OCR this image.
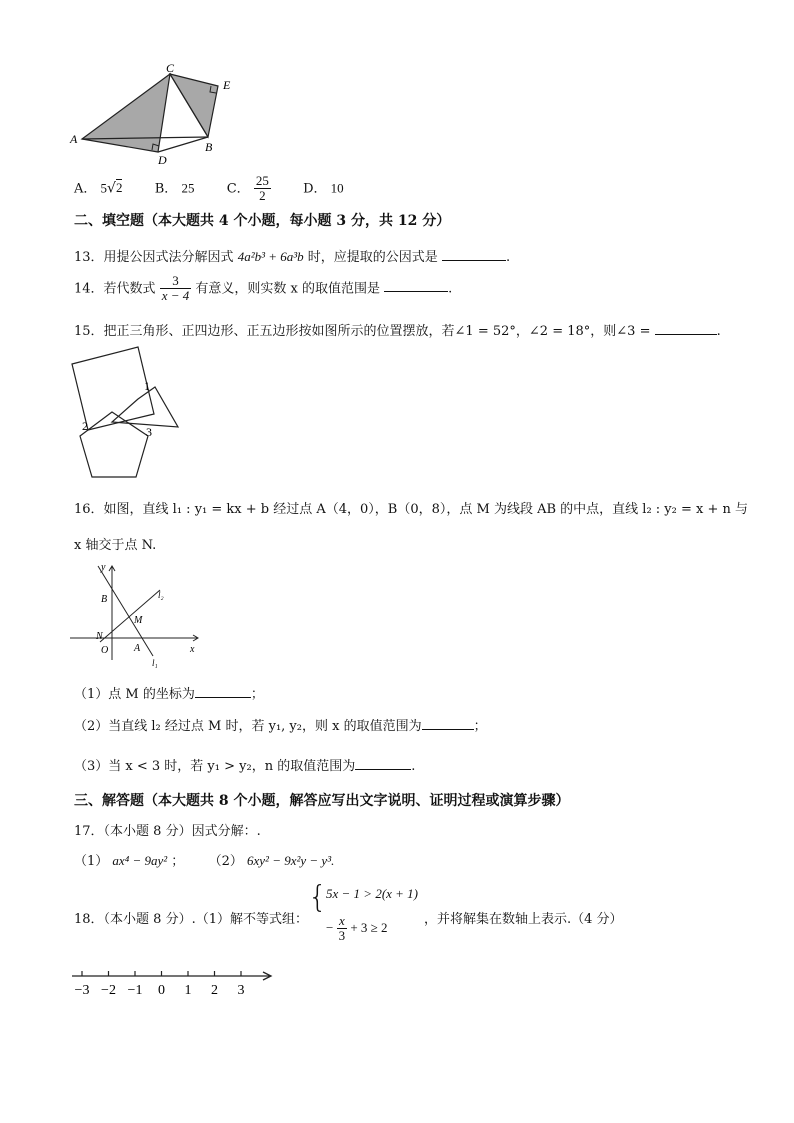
C
E
A
D
B
A． 5√2 B． 25 C． $\frac{25}{2}$ D． 10
二、填空题（本大题共 4 个小题，每小题 3 分，共 12 分）
13．用提公因式法分解因式 4a²b³ + 6a³b 时，应提取的公因式是	.
14．若代数式 $\frac{3}{x - 4}$ 有意义，则实数 x 的取值范围是	.
15．把正三角形、正四边形、正五边形按如图所示的位置摆放，若∠1 = 52°，∠2 = 18°，则∠3 =	.
1
2	3
16．如图，直线 l₁ : y₁ = kx + b 经过点 A（4，0），B（0，8），点 M 为线段 AB 的中点，直线 l₂ : y₂ = x + n 与
x 轴交于点 N.
y
x
B
M
N
O	A
l₁
l₂
（1）点 M 的坐标为	；
（2）当直线 l₂ 经过点 M 时，若 y₁, y₂，则 x 的取值范围为	；
（3）当 x < 3 时，若 y₁ > y₂，n 的取值范围为	.
三、解答题（本大题共 8 个小题，解答应写出文字说明、证明过程或演算步骤）
17．（本小题 8 分）因式分解：.
（1） ax⁴ − 9ay² ； （2） 6xy² − 9x²y − y³.
18．（本小题 8 分）.（1）解不等式组：
{
5x − 1 > 2(x + 1)
− $\frac{x}{3} + 3 \ge 2$
，并将解集在数轴上表示.（4 分）
−3 −2 −1 0 1 2 3
